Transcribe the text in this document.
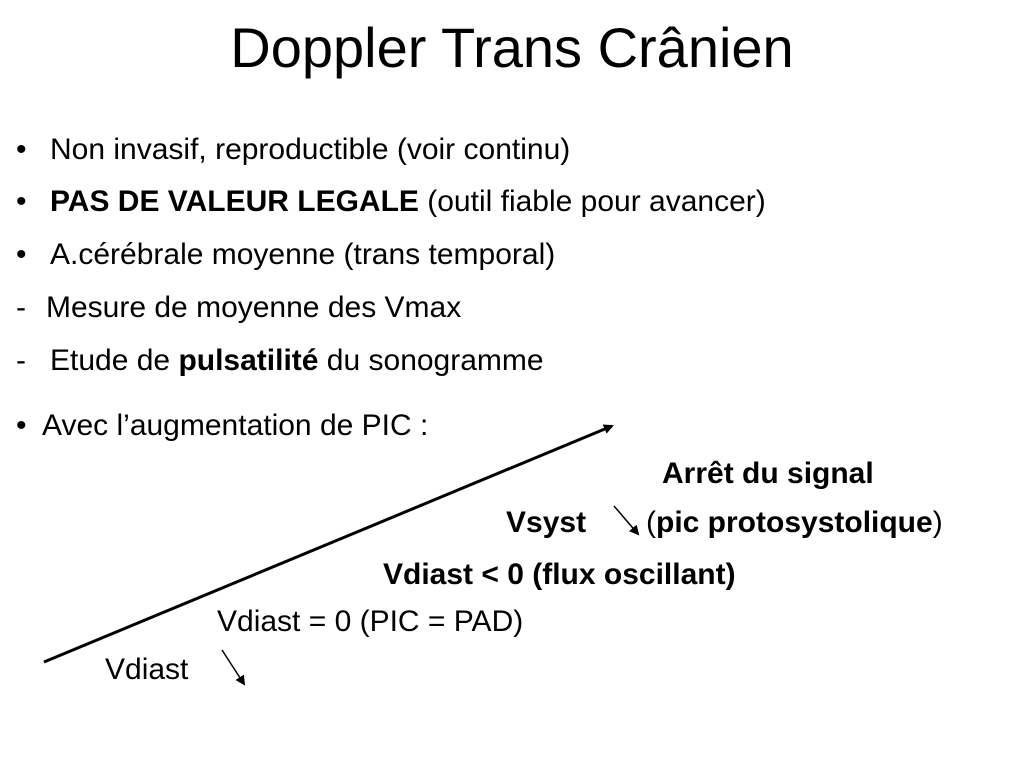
Doppler Trans Crânien
• Non invasif, reproductible (voir continu)
• PAS DE VALEUR LEGALE (outil fiable pour avancer)
• A.cérébrale moyenne (trans temporal)
- Mesure de moyenne des Vmax
- Etude de pulsatilité du sonogramme
• Avec l’augmentation de PIC :
Arrêt du signal
Vsyst (pic protosystolique)
Vdiast < 0 (flux oscillant)
Vdiast = 0 (PIC = PAD)
Vdiast
